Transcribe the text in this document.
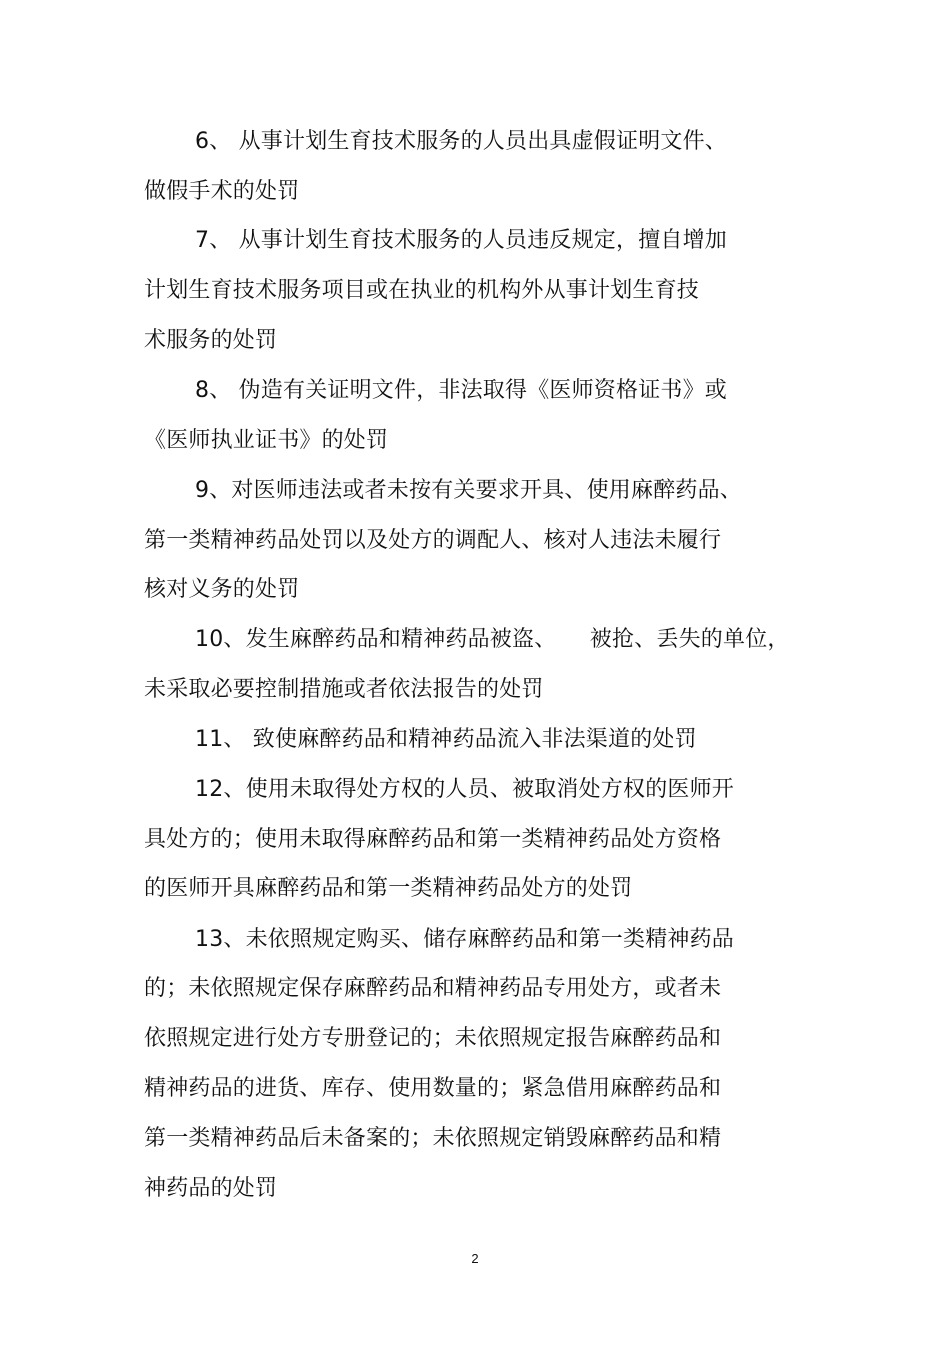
6、 从事计划生育技术服务的人员出具虚假证明文件、
做假手术的处罚
7、 从事计划生育技术服务的人员违反规定，擅自增加
计划生育技术服务项目或在执业的机构外从事计划生育技
术服务的处罚
8、 伪造有关证明文件，非法取得《医师资格证书》或
《医师执业证书》的处罚
9、对医师违法或者未按有关要求开具、使用麻醉药品、
第一类精神药品处罚以及处方的调配人、核对人违法未履行
核对义务的处罚
10、发生麻醉药品和精神药品被盗、　　被抢、丢失的单位，
未采取必要控制措施或者依法报告的处罚
11、 致使麻醉药品和精神药品流入非法渠道的处罚
12、使用未取得处方权的人员、被取消处方权的医师开
具处方的；使用未取得麻醉药品和第一类精神药品处方资格
的医师开具麻醉药品和第一类精神药品处方的处罚
13、未依照规定购买、储存麻醉药品和第一类精神药品
的；未依照规定保存麻醉药品和精神药品专用处方，或者未
依照规定进行处方专册登记的；未依照规定报告麻醉药品和
精神药品的进货、库存、使用数量的；紧急借用麻醉药品和
第一类精神药品后未备案的；未依照规定销毁麻醉药品和精
神药品的处罚
2
